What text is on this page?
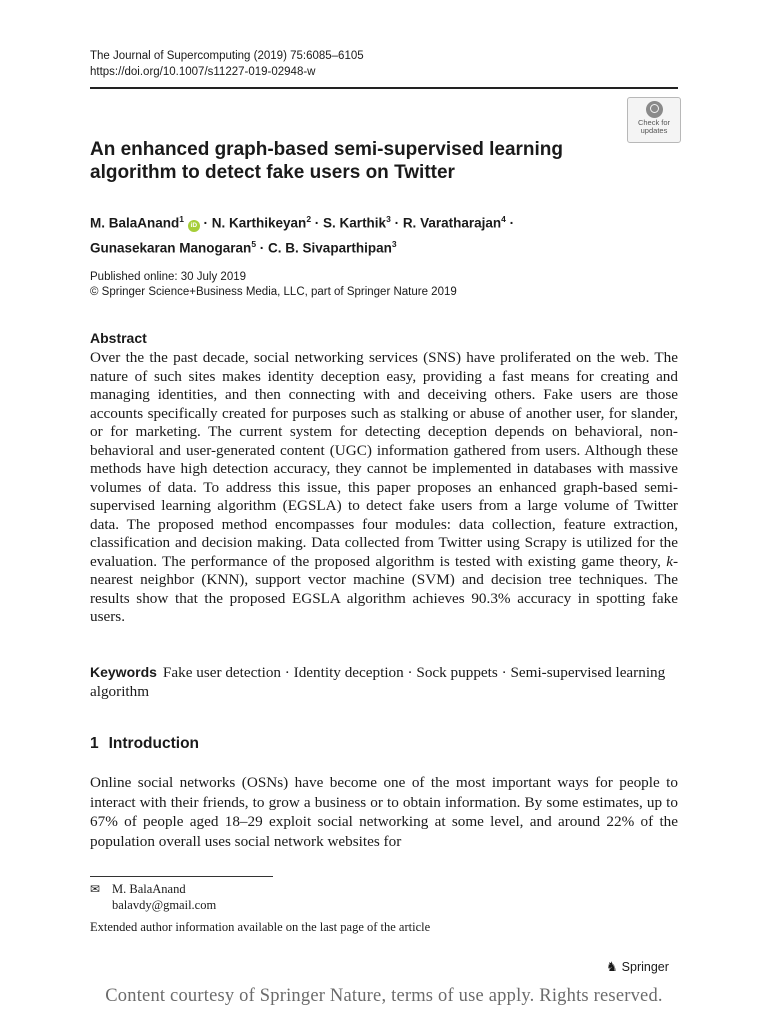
The Journal of Supercomputing (2019) 75:6085–6105
https://doi.org/10.1007/s11227-019-02948-w
Check for
updates
An enhanced graph-based semi-supervised learning algorithm to detect fake users on Twitter
M. BalaAnand$^1$ iD · N. Karthikeyan$^2$ · S. Karthik$^3$ · R. Varatharajan$^4$ ·
Gunasekaran Manogaran$^5$ · C. B. Sivaparthipan$^3$
Published online: 30 July 2019
© Springer Science+Business Media, LLC, part of Springer Nature 2019
Abstract
Over the the past decade, social networking services (SNS) have proliferated on the web. The nature of such sites makes identity deception easy, providing a fast means for creating and managing identities, and then connecting with and deceiving others. Fake users are those accounts specifically created for purposes such as stalking or abuse of another user, for slander, or for marketing. The current system for detecting deception depends on behavioral, non-behavioral and user-generated content (UGC) information gathered from users. Although these methods have high detection accuracy, they cannot be implemented in databases with massive volumes of data. To address this issue, this paper proposes an enhanced graph-based semi-supervised learning algorithm (EGSLA) to detect fake users from a large volume of Twitter data. The proposed method encompasses four modules: data collection, feature extraction, classification and decision making. Data collected from Twitter using Scrapy is utilized for the evaluation. The performance of the proposed algorithm is tested with existing game theory, k-nearest neighbor (KNN), support vector machine (SVM) and decision tree techniques. The results show that the proposed EGSLA algorithm achieves 90.3% accuracy in spotting fake users.
Keywords Fake user detection · Identity deception · Sock puppets · Semi-supervised learning algorithm
1 Introduction
Online social networks (OSNs) have become one of the most important ways for people to interact with their friends, to grow a business or to obtain information. By some estimates, up to 67% of people aged 18–29 exploit social networking at some level, and around 22% of the population overall uses social network websites for
✉ M. BalaAnand
balavdy@gmail.com
Extended author information available on the last page of the article
♞ Springer
Content courtesy of Springer Nature, terms of use apply. Rights reserved.
